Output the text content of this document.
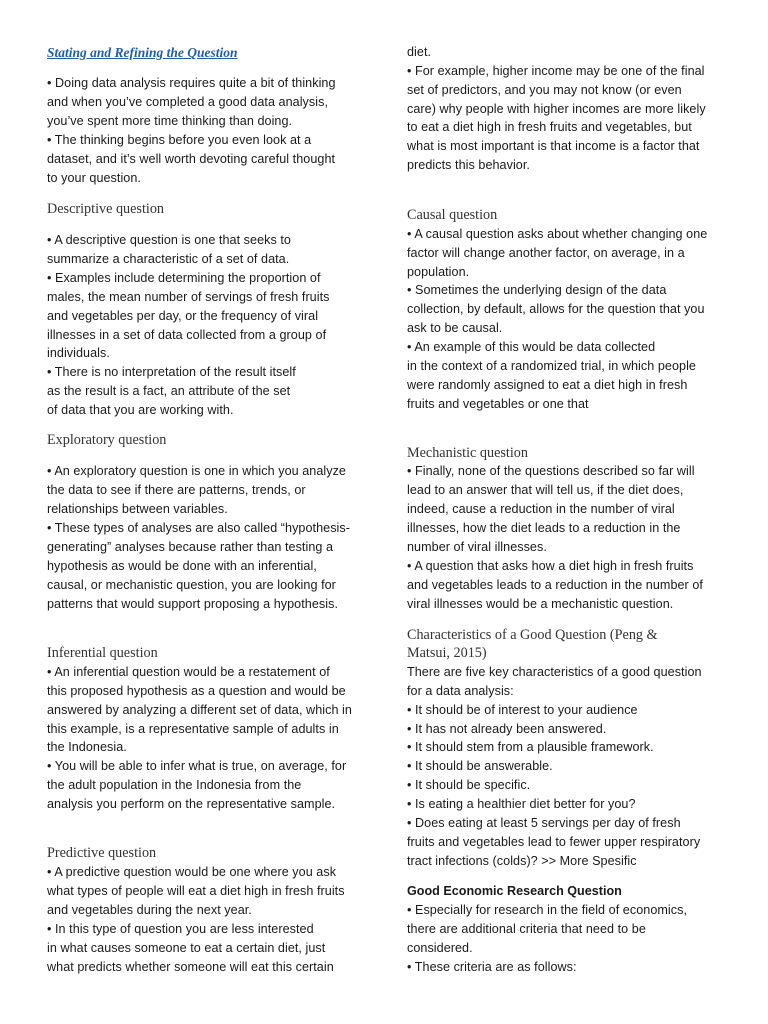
Stating and Refining the Question
• Doing data analysis requires quite a bit of thinking
and when you’ve completed a good data analysis,
you’ve spent more time thinking than doing.
• The thinking begins before you even look at a
dataset, and it’s well worth devoting careful thought
to your question.
Descriptive question
• A descriptive question is one that seeks to
summarize a characteristic of a set of data.
• Examples include determining the proportion of
males, the mean number of servings of fresh fruits
and vegetables per day, or the frequency of viral
illnesses in a set of data collected from a group of
individuals.
• There is no interpretation of the result itself
as the result is a fact, an attribute of the set
of data that you are working with.
Exploratory question
• An exploratory question is one in which you analyze
the data to see if there are patterns, trends, or
relationships between variables.
• These types of analyses are also called “hypothesis-
generating” analyses because rather than testing a
hypothesis as would be done with an inferential,
causal, or mechanistic question, you are looking for
patterns that would support proposing a hypothesis.
Inferential question
• An inferential question would be a restatement of
this proposed hypothesis as a question and would be
answered by analyzing a different set of data, which in
this example, is a representative sample of adults in
the Indonesia.
• You will be able to infer what is true, on average, for
the adult population in the Indonesia from the
analysis you perform on the representative sample.
Predictive question
• A predictive question would be one where you ask
what types of people will eat a diet high in fresh fruits
and vegetables during the next year.
• In this type of question you are less interested
in what causes someone to eat a certain diet, just
what predicts whether someone will eat this certain
diet.
• For example, higher income may be one of the final
set of predictors, and you may not know (or even
care) why people with higher incomes are more likely
to eat a diet high in fresh fruits and vegetables, but
what is most important is that income is a factor that
predicts this behavior.
Causal question
• A causal question asks about whether changing one
factor will change another factor, on average, in a
population.
• Sometimes the underlying design of the data
collection, by default, allows for the question that you
ask to be causal.
• An example of this would be data collected
in the context of a randomized trial, in which people
were randomly assigned to eat a diet high in fresh
fruits and vegetables or one that
Mechanistic question
• Finally, none of the questions described so far will
lead to an answer that will tell us, if the diet does,
indeed, cause a reduction in the number of viral
illnesses, how the diet leads to a reduction in the
number of viral illnesses.
• A question that asks how a diet high in fresh fruits
and vegetables leads to a reduction in the number of
viral illnesses would be a mechanistic question.
Characteristics of a Good Question (Peng &
Matsui, 2015)
There are five key characteristics of a good question
for a data analysis:
• It should be of interest to your audience
• It has not already been answered.
• It should stem from a plausible framework.
• It should be answerable.
• It should be specific.
• Is eating a healthier diet better for you?
• Does eating at least 5 servings per day of fresh
fruits and vegetables lead to fewer upper respiratory
tract infections (colds)? >> More Spesific
Good Economic Research Question
• Especially for research in the field of economics,
there are additional criteria that need to be
considered.
• These criteria are as follows:
